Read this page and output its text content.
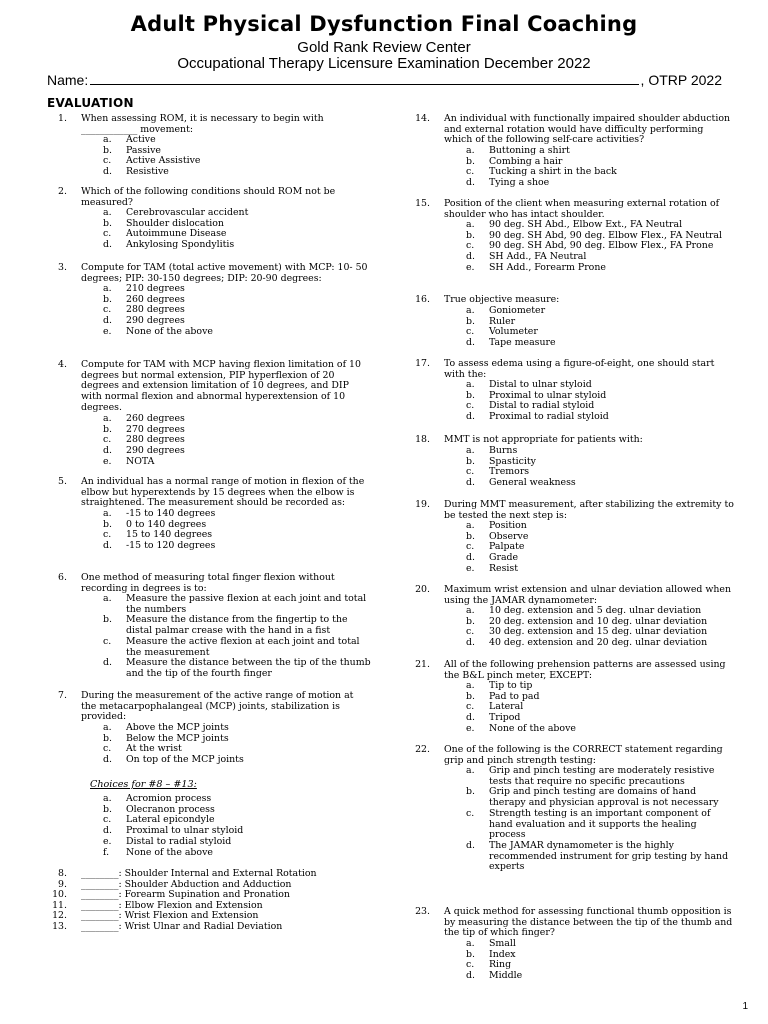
Adult Physical Dysfunction Final Coaching
Gold Rank Review Center
Occupational Therapy Licensure Examination December 2022
Name:	, OTRP 2022
EVALUATION
Choices for #8 – #13:
a. Acromion process
b. Olecranon process
c. Lateral epicondyle
d. Proximal to ulnar styloid
e. Distal to radial styloid
f. None of the above
1
1. When assessing ROM, it is necessary to begin with ____________ movement:
a. Active
b. Passive
c. Active Assistive
d. Resistive
2. Which of the following conditions should ROM not be measured?
a. Cerebrovascular accident
b. Shoulder dislocation
c. Autoimmune Disease
d. Ankylosing Spondylitis
3. Compute for TAM (total active movement) with MCP: 10- 50 degrees; PIP: 30-150 degrees; DIP: 20-90 degrees:
a. 210 degrees
b. 260 degrees
c. 280 degrees
d. 290 degrees
e. None of the above
4. Compute for TAM with MCP having flexion limitation of 10 degrees but normal extension, PIP hyperflexion of 20 degrees and extension limitation of 10 degrees, and DIP with normal flexion and abnormal hyperextension of 10 degrees.
a. 260 degrees
b. 270 degrees
c. 280 degrees
d. 290 degrees
e. NOTA
5. An individual has a normal range of motion in flexion of the elbow but hyperextends by 15 degrees when the elbow is straightened. The measurement should be recorded as:
a. -15 to 140 degrees
b. 0 to 140 degrees
c. 15 to 140 degrees
d. -15 to 120 degrees
6. One method of measuring total finger flexion without recording in degrees is to:
a. Measure the passive flexion at each joint and total the numbers
b. Measure the distance from the fingertip to the distal palmar crease with the hand in a fist
c. Measure the active flexion at each joint and total the measurement
d. Measure the distance between the tip of the thumb and the tip of the fourth finger
7. During the measurement of the active range of motion at the metacarpophalangeal (MCP) joints, stabilization is provided:
a. Above the MCP joints
b. Below the MCP joints
c. At the wrist
d. On top of the MCP joints
14. An individual with functionally impaired shoulder abduction and external rotation would have difficulty performing which of the following self-care activities?
a. Buttoning a shirt
b. Combing a hair
c. Tucking a shirt in the back
d. Tying a shoe
15. Position of the client when measuring external rotation of shoulder who has intact shoulder.
a. 90 deg. SH Abd., Elbow Ext., FA Neutral
b. 90 deg. SH Abd, 90 deg. Elbow Flex., FA Neutral
c. 90 deg. SH Abd, 90 deg. Elbow Flex., FA Prone
d. SH Add., FA Neutral
e. SH Add., Forearm Prone
16. True objective measure:
a. Goniometer
b. Ruler
c. Volumeter
d. Tape measure
17. To assess edema using a figure-of-eight, one should start with the:
a. Distal to ulnar styloid
b. Proximal to ulnar styloid
c. Distal to radial styloid
d. Proximal to radial styloid
18. MMT is not appropriate for patients with:
a. Burns
b. Spasticity
c. Tremors
d. General weakness
19. During MMT measurement, after stabilizing the extremity to be tested the next step is:
a. Position
b. Observe
c. Palpate
d. Grade
e. Resist
20. Maximum wrist extension and ulnar deviation allowed when using the JAMAR dynamometer:
a. 10 deg. extension and 5 deg. ulnar deviation
b. 20 deg. extension and 10 deg. ulnar deviation
c. 30 deg. extension and 15 deg. ulnar deviation
d. 40 deg. extension and 20 deg. ulnar deviation
21. All of the following prehension patterns are assessed using the B&L pinch meter, EXCEPT:
a. Tip to tip
b. Pad to pad
c. Lateral
d. Tripod
e. None of the above
22. One of the following is the CORRECT statement regarding grip and pinch strength testing:
a. Grip and pinch testing are moderately resistive tests that require no specific precautions
b. Grip and pinch testing are domains of hand therapy and physician approval is not necessary
c. Strength testing is an important component of hand evaluation and it supports the healing process
d. The JAMAR dynamometer is the highly recommended instrument for grip testing by hand experts
23. A quick method for assessing functional thumb opposition is by measuring the distance between the tip of the thumb and the tip of which finger?
a. Small
b. Index
c. Ring
d. Middle
8. ________: Shoulder Internal and External Rotation
9. ________: Shoulder Abduction and Adduction
10. ________: Forearm Supination and Pronation
11. ________: Elbow Flexion and Extension
12. ________: Wrist Flexion and Extension
13. ________: Wrist Ulnar and Radial Deviation
